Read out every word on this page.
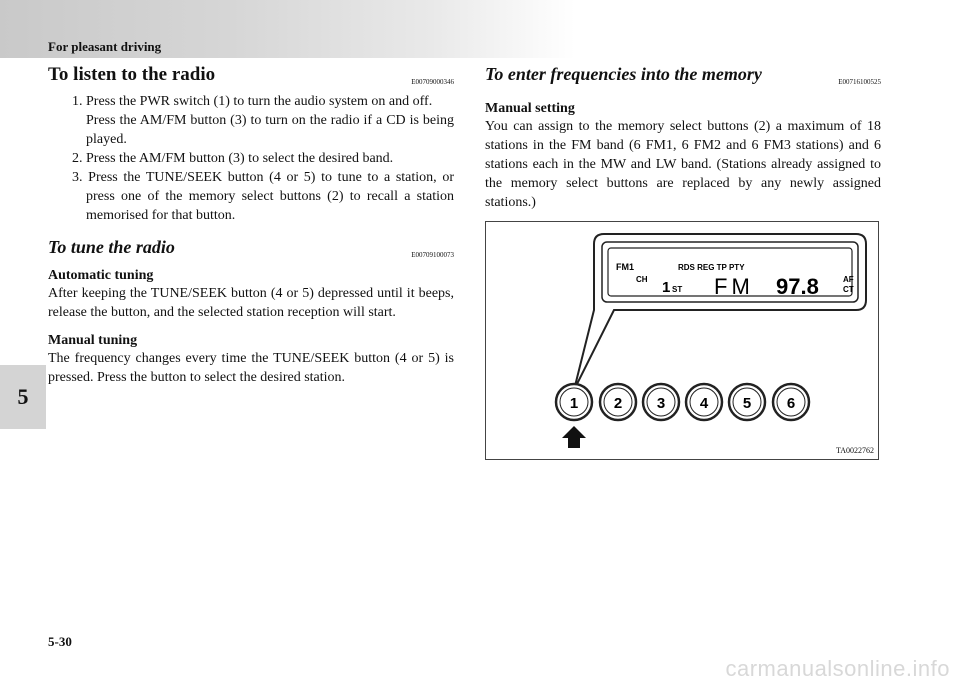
For pleasant driving
5
To listen to the radio	E00709000346
1. Press the PWR switch (1) to turn the audio system on and off.
Press the AM/FM button (3) to turn on the radio if a CD is being played.
2. Press the AM/FM button (3) to select the desired band.
3. Press the TUNE/SEEK button (4 or 5) to tune to a station, or press one of the memory select buttons (2) to recall a station memorised for that button.
To tune the radio	E00709100073
Automatic tuning
After keeping the TUNE/SEEK button (4 or 5) depressed until it beeps, release the button, and the selected station reception will start.
Manual tuning
The frequency changes every time the TUNE/SEEK button (4 or 5) is pressed. Press the button to select the desired station.
To enter frequencies into the memory	E00716100525
Manual setting
You can assign to the memory select buttons (2) a maximum of 18 stations in the FM band (6 FM1, 6 FM2 and 6 FM3 stations) and 6 stations each in the MW and LW band. (Stations already assigned to the memory select buttons are replaced by any newly assigned stations.)
FM1
CH
RDS REG TP PTY
1 ST FM 97.8	AF
CT
1 2 3 4 5 6
TA0022762
5-30
carmanualsonline.info
